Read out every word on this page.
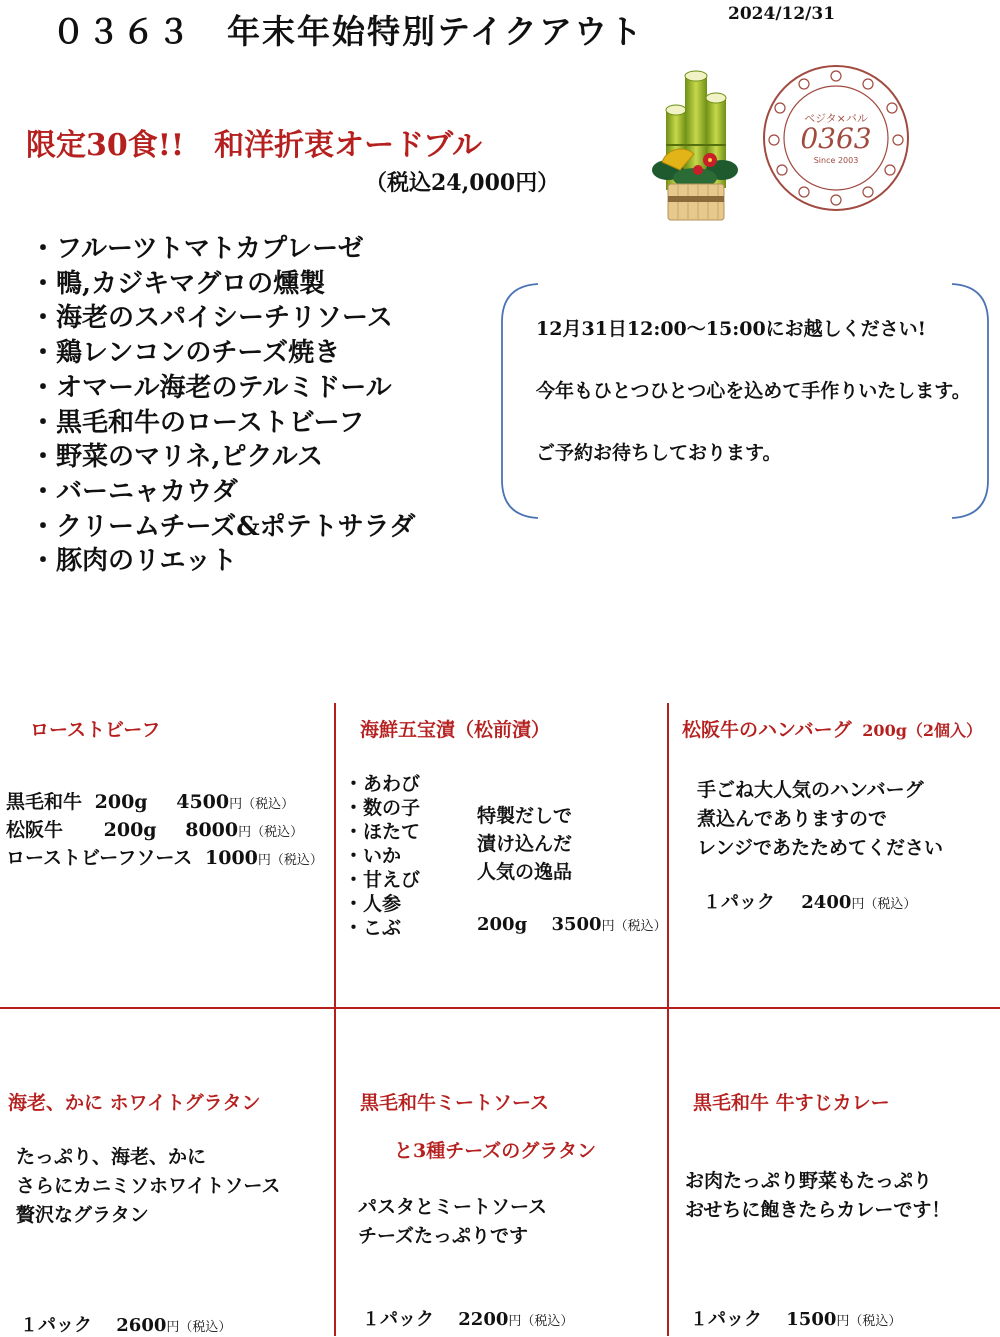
０３６３　年末年始特別テイクアウト	2024/12/31
限定30食!!　和洋折衷オードブル
（税込24,000円）
・ フルーツトマトカプレーゼ
・ 鴨,カジキマグロの燻製
・ 海老のスパイシーチリソース
・ 鶏レンコンのチーズ焼き
・ オマール海老のテルミドール
・ 黒毛和牛のローストビーフ
・ 野菜のマリネ,ピクルス
・ バーニャカウダ
・ クリームチーズ&ポテトサラダ
・ 豚肉のリエット
ベジタ×バル
0363
Since 2003

12月31日12:00〜15:00にお越しください!

今年もひとつひとつ心を込めて手作りいたします。

ご予約お待ちしております。

ローストビーフ
黒毛和牛 200g 4500円（税込）
松阪牛 200g 8000円（税込）
ローストビーフソース 1000円（税込）
海鮮五宝漬（松前漬）
・あわび
・数の子
・ほたて
・いか
・甘えび
・人参
・こぶ
特製だしで
漬け込んだ
人気の逸品
200g 3500円（税込）
松阪牛のハンバーグ 200g（2個入）
手ごね大人気のハンバーグ
煮込んでありますので
レンジであたためてください
１パック 2400円（税込）
海老、かに ホワイトグラタン
たっぷり、海老、かに
さらにカニミソホワイトソース
贅沢なグラタン
１パック 2600円（税込）
黒毛和牛ミートソース
と3種チーズのグラタン
パスタとミートソース
チーズたっぷりです
１パック 2200円（税込）
黒毛和牛 牛すじカレー
お肉たっぷり野菜もたっぷり
おせちに飽きたらカレーです！
１パック 1500円（税込）
